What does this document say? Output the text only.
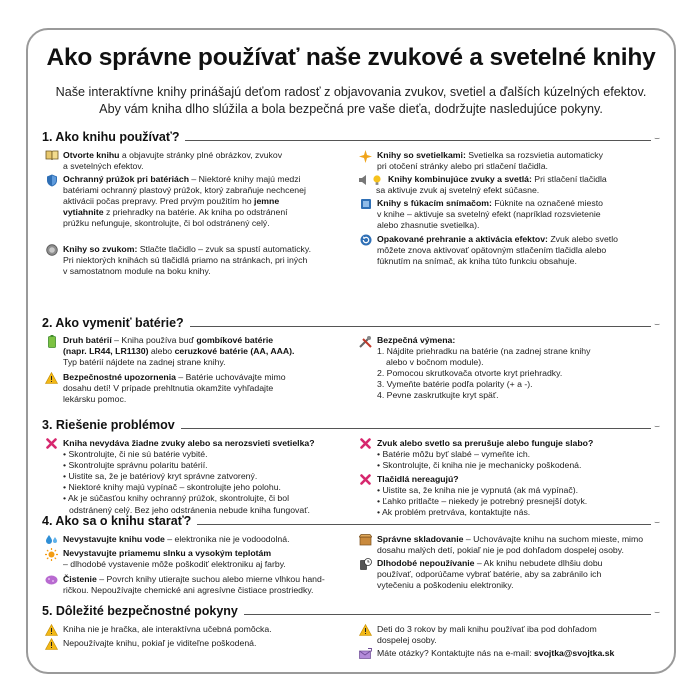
Ako správne používať naše zvukové a svetelné knihy
Naše interaktívne knihy prinášajú deťom radosť z objavovania zvukov, svetiel a ďalších kúzelných efektov.
Aby vám kniha dlho slúžila a bola bezpečná pre vaše dieťa, dodržujte nasledujúce pokyny.
1. Ako knihu používať?	⌣
Otvorte knihu a objavujte stránky plné obrázkov, zvukov
a svetelných efektov.
Ochranný prúžok pri batériách – Niektoré knihy majú medzi
batériami ochranný plastový prúžok, ktorý zabraňuje nechcenej
aktivácii počas prepravy. Pred prvým použitím ho jemne
vytiahnite z priehradky na batérie. Ak kniha po odstránení
prúžku nefunguje, skontrolujte, či bol odstránený celý.
Knihy so zvukom: Stlačte tlačidlo – zvuk sa spustí automaticky.
Pri niektorých knihách sú tlačidlá priamo na stránkach, pri iných
v samostatnom module na boku knihy.
Knihy so svetielkami: Svetielka sa rozsvietia automaticky
pri otočení stránky alebo pri stlačení tlačidla.
Knihy kombinujúce zvuky a svetlá: Pri stlačení tlačidla
sa aktivuje zvuk aj svetelný efekt súčasne.
Knihy s fúkacím snímačom: Fúknite na označené miesto
v knihe – aktivuje sa svetelný efekt (napríklad rozsvietenie
alebo zhasnutie svetielka).
Opakované prehranie a aktivácia efektov: Zvuk alebo svetlo
môžete znova aktivovať opätovným stlačením tlačidla alebo
fúknutím na snímač, ak kniha túto funkciu obsahuje.
2. Ako vymeniť batérie?	⌣
Druh batérií – Kniha používa buď gombíkové batérie
(napr. LR44, LR1130) alebo ceruzkové batérie (AA, AAA).
Typ batérií nájdete na zadnej strane knihy.
Bezpečnostné upozornenia – Batérie uchovávajte mimo
dosahu detí! V prípade prehltnutia okamžite vyhľadajte
lekársku pomoc.
Bezpečná výmena:
1. Nájdite priehradku na batérie (na zadnej strane knihy
alebo v bočnom module).
2. Pomocou skrutkovača otvorte kryt priehradky.
3. Vymeňte batérie podľa polarity (+ a -).
4. Pevne zaskrutkujte kryt späť.
3. Riešenie problémov	⌣
Kniha nevydáva žiadne zvuky alebo sa nerozsvieti svetielka?
• Skontrolujte, či nie sú batérie vybité.
• Skontrolujte správnu polaritu batérií.
• Uistite sa, že je batériový kryt správne zatvorený.
• Niektoré knihy majú vypínač – skontrolujte jeho polohu.
• Ak je súčasťou knihy ochranný prúžok, skontrolujte, či bol
odstránený celý. Bez jeho odstránenia nebude kniha fungovať.
Zvuk alebo svetlo sa prerušuje alebo funguje slabo?
• Batérie môžu byť slabé – vymeňte ich.
• Skontrolujte, či kniha nie je mechanicky poškodená.
Tlačidlá nereagujú?
• Uistite sa, že kniha nie je vypnutá (ak má vypínač).
• Ľahko pritlačte – niekedy je potrebný presnejší dotyk.
• Ak problém pretrváva, kontaktujte nás.
4. Ako sa o knihu starať?	⌣
Nevystavujte knihu vode – elektronika nie je vodoodolná.
Nevystavujte priamemu slnku a vysokým teplotám
– dlhodobé vystavenie môže poškodiť elektroniku aj farby.
Čistenie – Povrch knihy utierajte suchou alebo mierne vlhkou hand-
ričkou. Nepoužívajte chemické ani agresívne čistiace prostriedky.
Správne skladovanie – Uchovávajte knihu na suchom mieste, mimo
dosahu malých detí, pokiaľ nie je pod dohľadom dospelej osoby.
Dlhodobé nepoužívanie – Ak knihu nebudete dlhšiu dobu
používať, odporúčame vybrať batérie, aby sa zabránilo ich
vytečeniu a poškodeniu elektroniky.
5. Dôležité bezpečnostné pokyny	⌣
Kniha nie je hračka, ale interaktívna učebná pomôcka.
Nepoužívajte knihu, pokiaľ je viditeľne poškodená.
Deti do 3 rokov by mali knihu používať iba pod dohľadom
dospelej osoby.
Máte otázky? Kontaktujte nás na e-mail: svojtka@svojtka.sk
